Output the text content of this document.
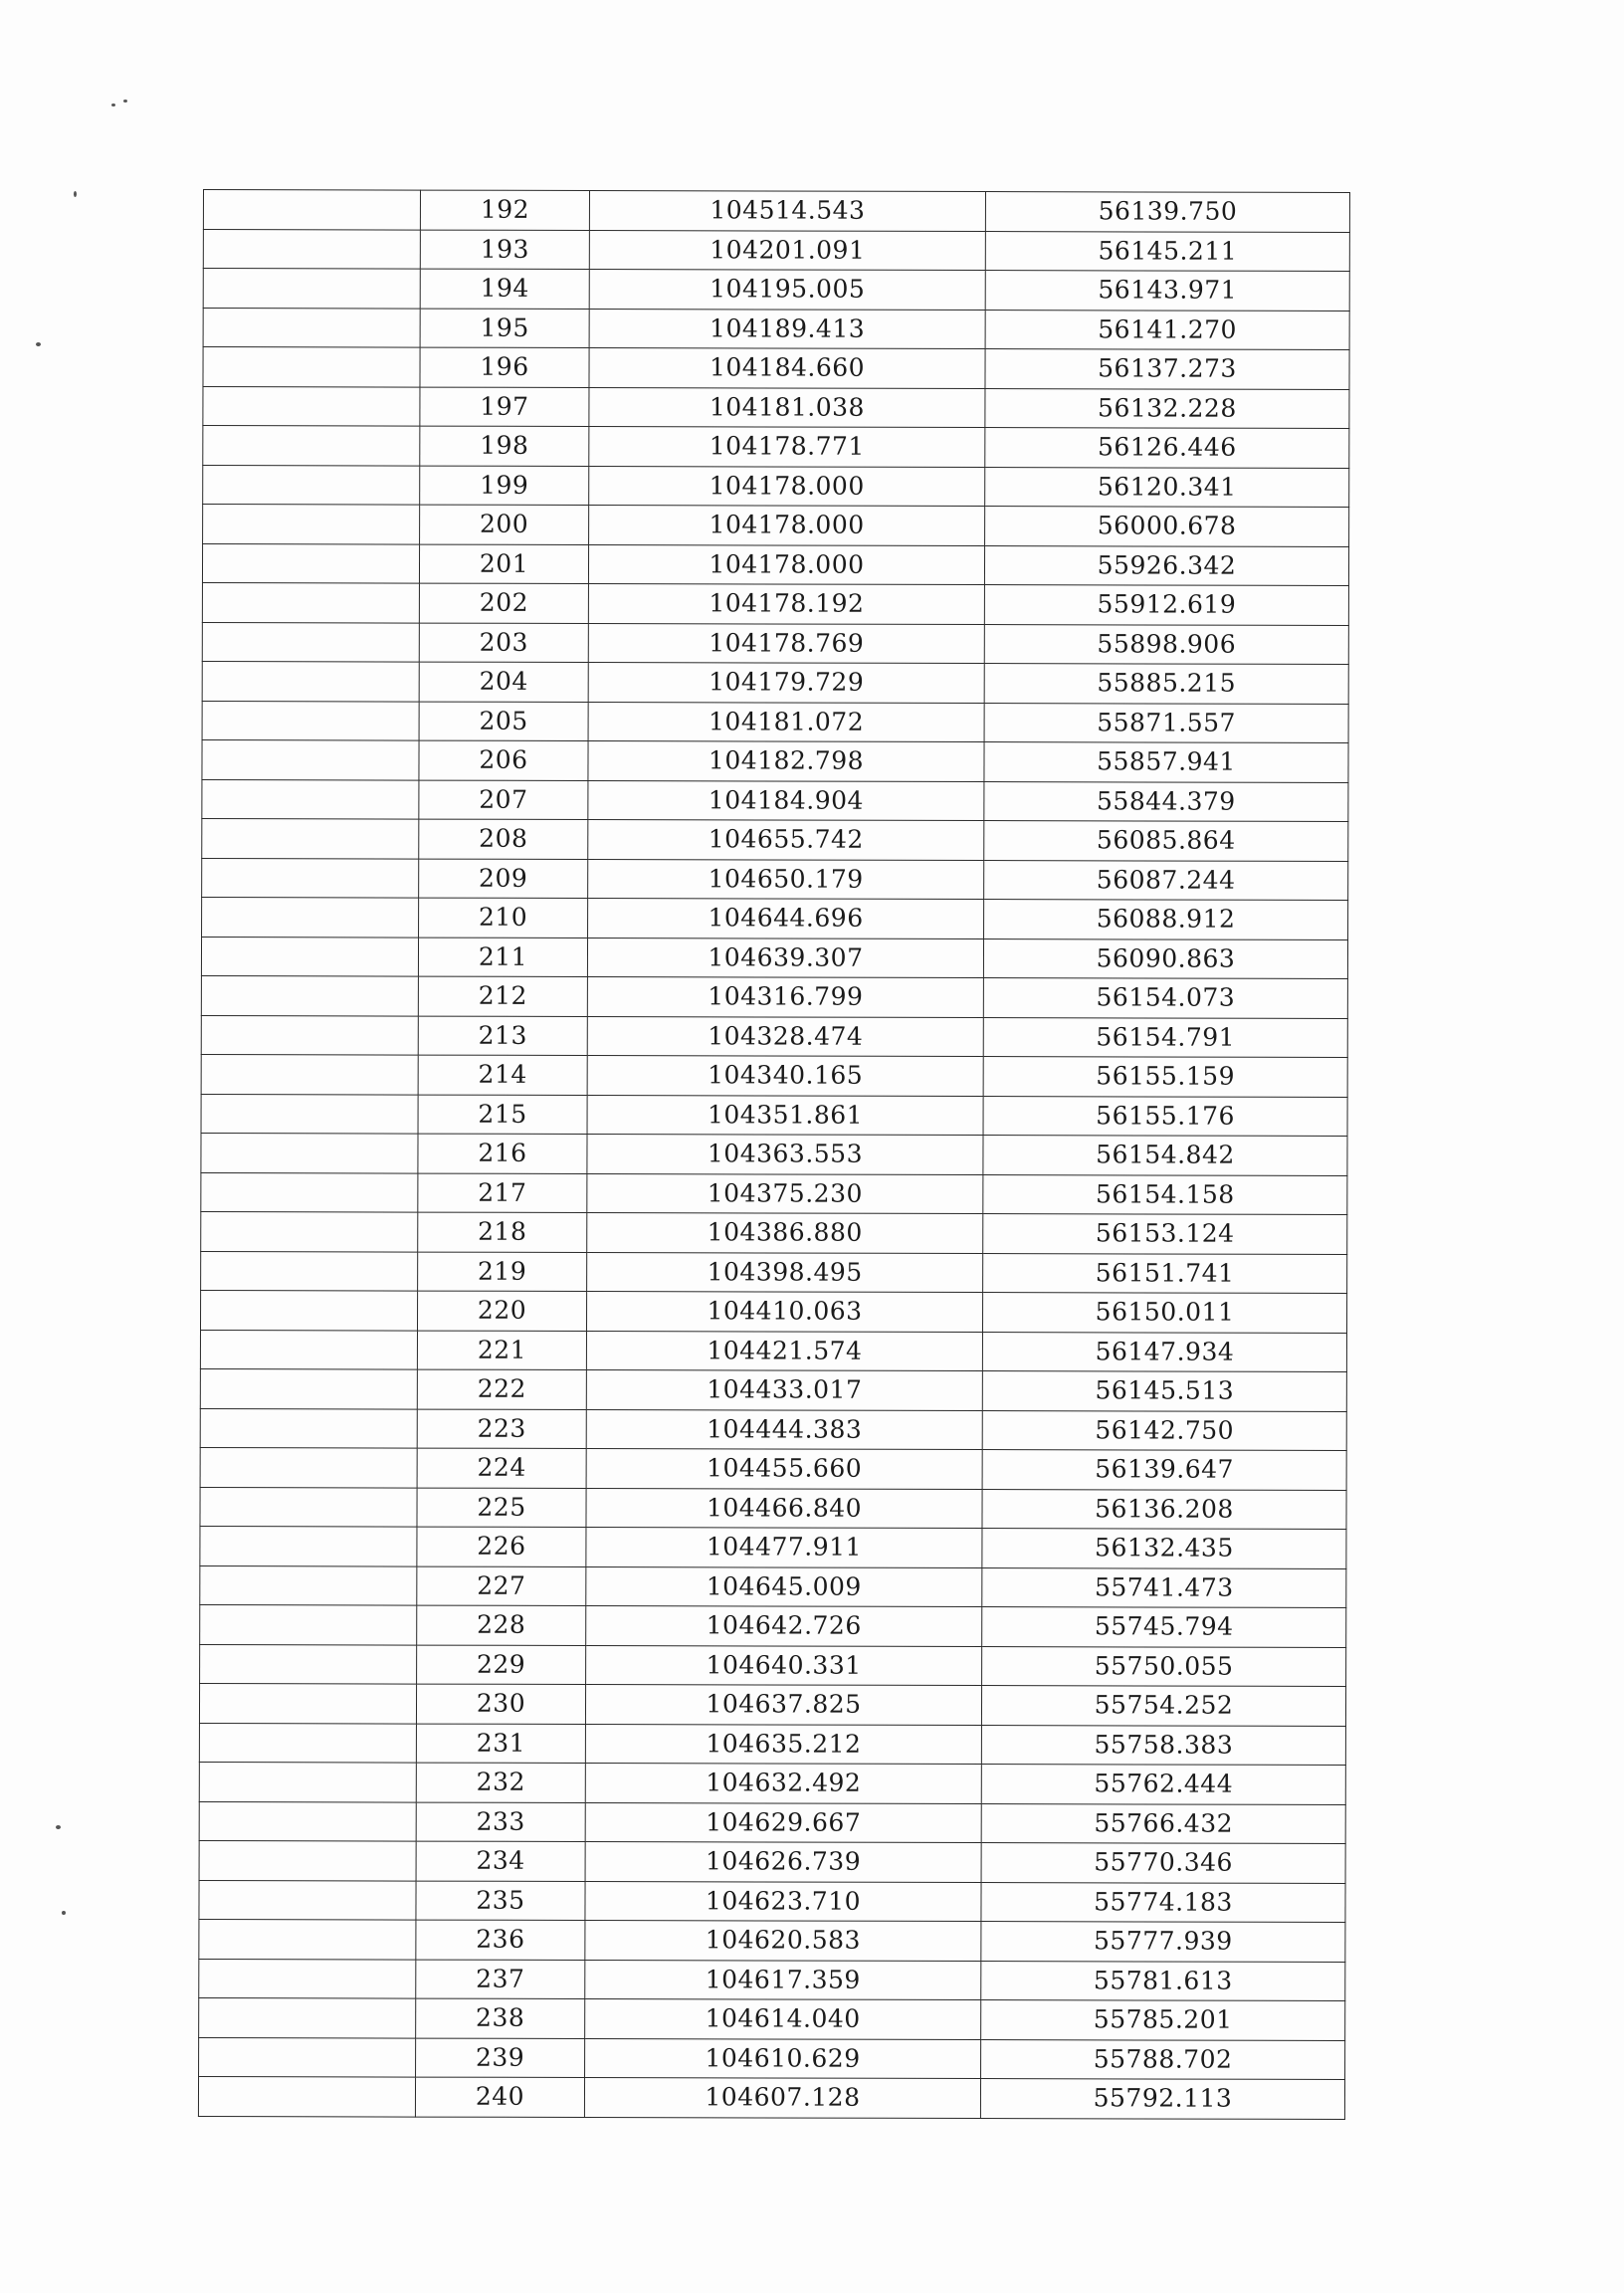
	192	104514.543	56139.750
	193	104201.091	56145.211
	194	104195.005	56143.971
	195	104189.413	56141.270
	196	104184.660	56137.273
	197	104181.038	56132.228
	198	104178.771	56126.446
	199	104178.000	56120.341
	200	104178.000	56000.678
	201	104178.000	55926.342
	202	104178.192	55912.619
	203	104178.769	55898.906
	204	104179.729	55885.215
	205	104181.072	55871.557
	206	104182.798	55857.941
	207	104184.904	55844.379
	208	104655.742	56085.864
	209	104650.179	56087.244
	210	104644.696	56088.912
	211	104639.307	56090.863
	212	104316.799	56154.073
	213	104328.474	56154.791
	214	104340.165	56155.159
	215	104351.861	56155.176
	216	104363.553	56154.842
	217	104375.230	56154.158
	218	104386.880	56153.124
	219	104398.495	56151.741
	220	104410.063	56150.011
	221	104421.574	56147.934
	222	104433.017	56145.513
	223	104444.383	56142.750
	224	104455.660	56139.647
	225	104466.840	56136.208
	226	104477.911	56132.435
	227	104645.009	55741.473
	228	104642.726	55745.794
	229	104640.331	55750.055
	230	104637.825	55754.252
	231	104635.212	55758.383
	232	104632.492	55762.444
	233	104629.667	55766.432
	234	104626.739	55770.346
	235	104623.710	55774.183
	236	104620.583	55777.939
	237	104617.359	55781.613
	238	104614.040	55785.201
	239	104610.629	55788.702
	240	104607.128	55792.113
